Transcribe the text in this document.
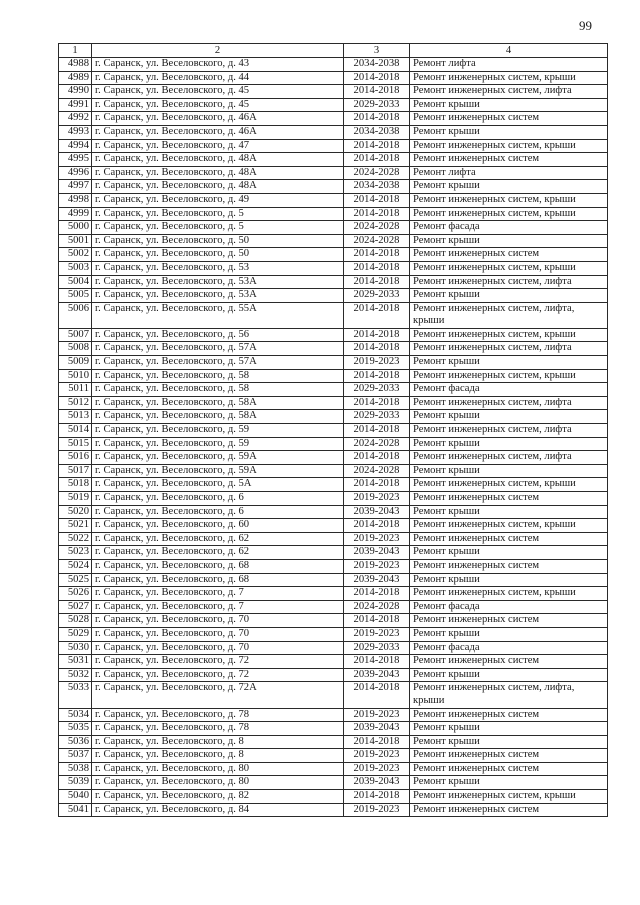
99
1	2	3	4
4988	г. Саранск, ул. Веселовского, д. 43	2034-2038	Ремонт лифта
4989	г. Саранск, ул. Веселовского, д. 44	2014-2018	Ремонт инженерных систем, крыши
4990	г. Саранск, ул. Веселовского, д. 45	2014-2018	Ремонт инженерных систем, лифта
4991	г. Саранск, ул. Веселовского, д. 45	2029-2033	Ремонт крыши
4992	г. Саранск, ул. Веселовского, д. 46А	2014-2018	Ремонт инженерных систем
4993	г. Саранск, ул. Веселовского, д. 46А	2034-2038	Ремонт крыши
4994	г. Саранск, ул. Веселовского, д. 47	2014-2018	Ремонт инженерных систем, крыши
4995	г. Саранск, ул. Веселовского, д. 48А	2014-2018	Ремонт инженерных систем
4996	г. Саранск, ул. Веселовского, д. 48А	2024-2028	Ремонт лифта
4997	г. Саранск, ул. Веселовского, д. 48А	2034-2038	Ремонт крыши
4998	г. Саранск, ул. Веселовского, д. 49	2014-2018	Ремонт инженерных систем, крыши
4999	г. Саранск, ул. Веселовского, д. 5	2014-2018	Ремонт инженерных систем, крыши
5000	г. Саранск, ул. Веселовского, д. 5	2024-2028	Ремонт фасада
5001	г. Саранск, ул. Веселовского, д. 50	2024-2028	Ремонт крыши
5002	г. Саранск, ул. Веселовского, д. 50	2014-2018	Ремонт инженерных систем
5003	г. Саранск, ул. Веселовского, д. 53	2014-2018	Ремонт инженерных систем, крыши
5004	г. Саранск, ул. Веселовского, д. 53А	2014-2018	Ремонт инженерных систем, лифта
5005	г. Саранск, ул. Веселовского, д. 53А	2029-2033	Ремонт крыши
5006	г. Саранск, ул. Веселовского, д. 55А	2014-2018	Ремонт инженерных систем, лифта, крыши
5007	г. Саранск, ул. Веселовского, д. 56	2014-2018	Ремонт инженерных систем, крыши
5008	г. Саранск, ул. Веселовского, д. 57А	2014-2018	Ремонт инженерных систем, лифта
5009	г. Саранск, ул. Веселовского, д. 57А	2019-2023	Ремонт крыши
5010	г. Саранск, ул. Веселовского, д. 58	2014-2018	Ремонт инженерных систем, крыши
5011	г. Саранск, ул. Веселовского, д. 58	2029-2033	Ремонт фасада
5012	г. Саранск, ул. Веселовского, д. 58А	2014-2018	Ремонт инженерных систем, лифта
5013	г. Саранск, ул. Веселовского, д. 58А	2029-2033	Ремонт крыши
5014	г. Саранск, ул. Веселовского, д. 59	2014-2018	Ремонт инженерных систем, лифта
5015	г. Саранск, ул. Веселовского, д. 59	2024-2028	Ремонт крыши
5016	г. Саранск, ул. Веселовского, д. 59А	2014-2018	Ремонт инженерных систем, лифта
5017	г. Саранск, ул. Веселовского, д. 59А	2024-2028	Ремонт крыши
5018	г. Саранск, ул. Веселовского, д. 5А	2014-2018	Ремонт инженерных систем, крыши
5019	г. Саранск, ул. Веселовского, д. 6	2019-2023	Ремонт инженерных систем
5020	г. Саранск, ул. Веселовского, д. 6	2039-2043	Ремонт крыши
5021	г. Саранск, ул. Веселовского, д. 60	2014-2018	Ремонт инженерных систем, крыши
5022	г. Саранск, ул. Веселовского, д. 62	2019-2023	Ремонт инженерных систем
5023	г. Саранск, ул. Веселовского, д. 62	2039-2043	Ремонт крыши
5024	г. Саранск, ул. Веселовского, д. 68	2019-2023	Ремонт инженерных систем
5025	г. Саранск, ул. Веселовского, д. 68	2039-2043	Ремонт крыши
5026	г. Саранск, ул. Веселовского, д. 7	2014-2018	Ремонт инженерных систем, крыши
5027	г. Саранск, ул. Веселовского, д. 7	2024-2028	Ремонт фасада
5028	г. Саранск, ул. Веселовского, д. 70	2014-2018	Ремонт инженерных систем
5029	г. Саранск, ул. Веселовского, д. 70	2019-2023	Ремонт крыши
5030	г. Саранск, ул. Веселовского, д. 70	2029-2033	Ремонт фасада
5031	г. Саранск, ул. Веселовского, д. 72	2014-2018	Ремонт инженерных систем
5032	г. Саранск, ул. Веселовского, д. 72	2039-2043	Ремонт крыши
5033	г. Саранск, ул. Веселовского, д. 72А	2014-2018	Ремонт инженерных систем, лифта, крыши
5034	г. Саранск, ул. Веселовского, д. 78	2019-2023	Ремонт инженерных систем
5035	г. Саранск, ул. Веселовского, д. 78	2039-2043	Ремонт крыши
5036	г. Саранск, ул. Веселовского, д. 8	2014-2018	Ремонт крыши
5037	г. Саранск, ул. Веселовского, д. 8	2019-2023	Ремонт инженерных систем
5038	г. Саранск, ул. Веселовского, д. 80	2019-2023	Ремонт инженерных систем
5039	г. Саранск, ул. Веселовского, д. 80	2039-2043	Ремонт крыши
5040	г. Саранск, ул. Веселовского, д. 82	2014-2018	Ремонт инженерных систем, крыши
5041	г. Саранск, ул. Веселовского, д. 84	2019-2023	Ремонт инженерных систем
